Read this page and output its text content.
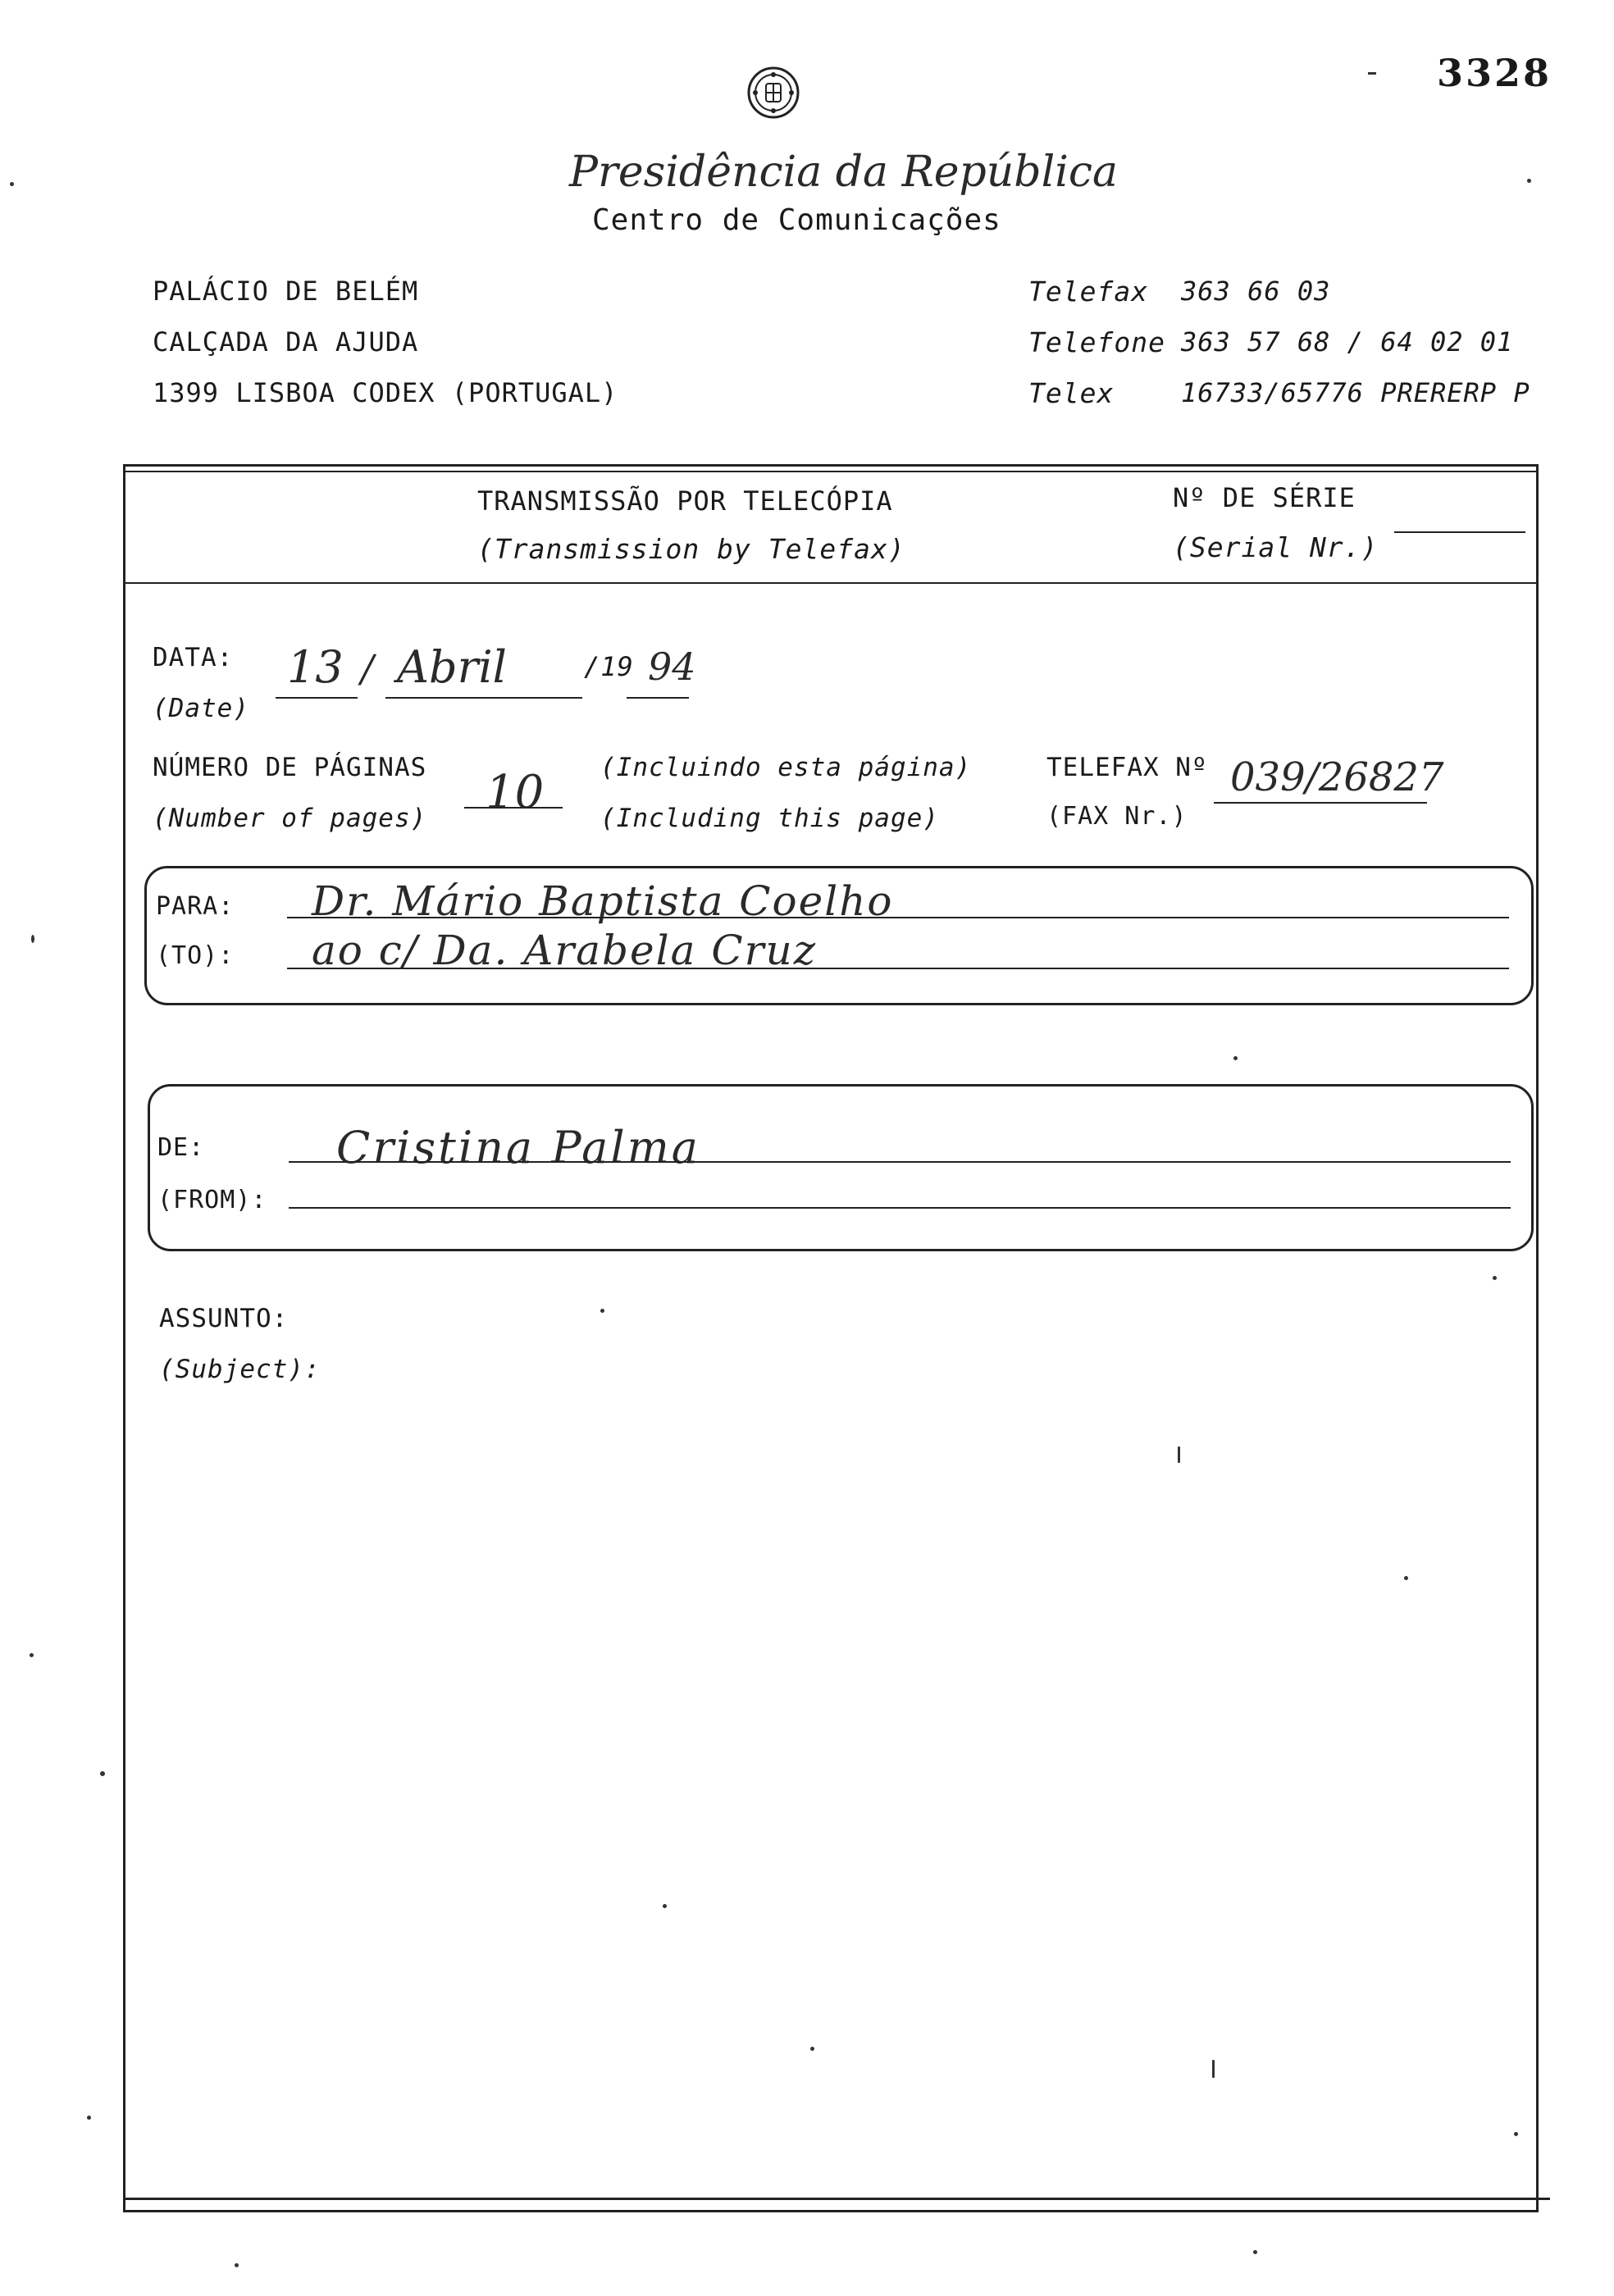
3328
Presidência da República
Centro de Comunicações
PALÁCIO DE BELÉM
CALÇADA DA AJUDA
1399 LISBOA CODEX (PORTUGAL)
Telefax 363 66 03
Telefone 363 57 68 / 64 02 01
Telex	16733/65776 PRERERP P
TRANSMISSÃO POR TELECÓPIA
(Transmission by Telefax)
Nº DE SÉRIE
(Serial Nr.)
DATA:
(Date)
13 / Abril	/19 94
NÚMERO DE PÁGINAS
(Number of pages) 10 (Incluindo esta página)
(Including this page)
TELEFAX Nº
(FAX Nr.)
039/26827
PARA:
(TO):
Dr. Mário Baptista Coelho
ao c/ Da. Arabela Cruz
DE:
(FROM):
Cristina Palma
ASSUNTO:
(Subject):
